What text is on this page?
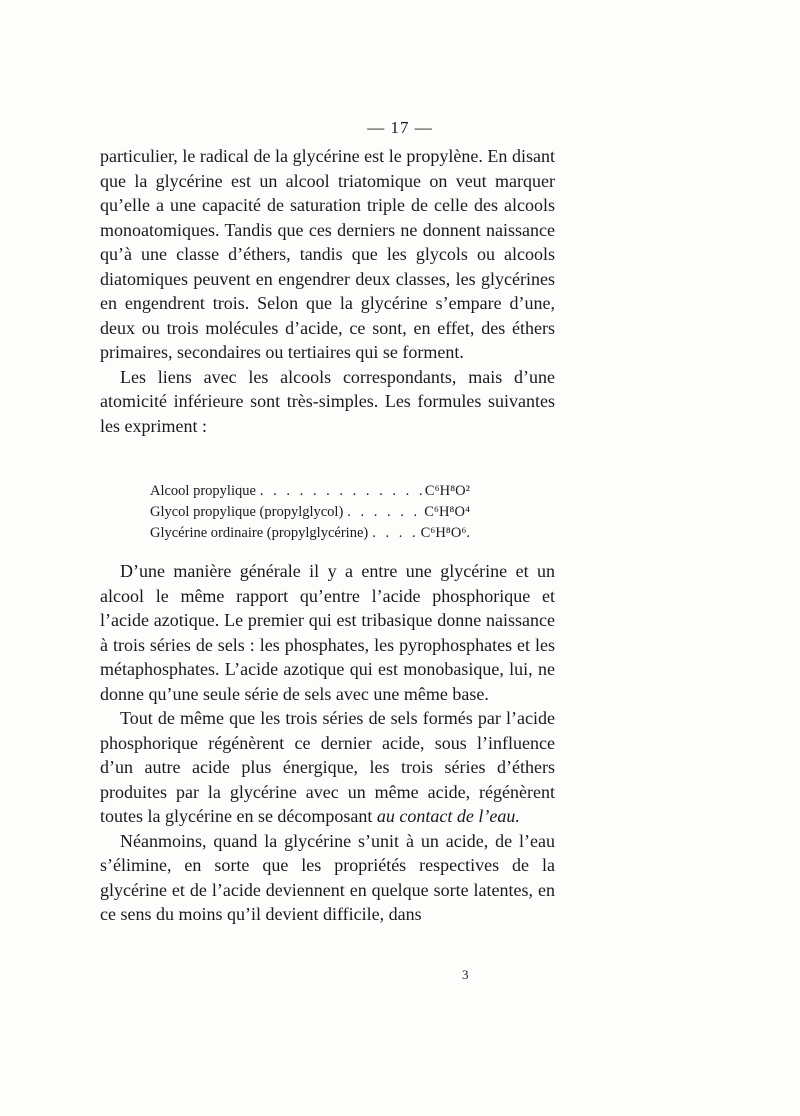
— 17 —

particulier, le radical de la glycérine est le propylène. En disant que la glycérine est un alcool triatomique on veut marquer qu’elle a une capacité de saturation triple de celle des alcools monoatomiques. Tandis que ces derniers ne donnent naissance qu’à une classe d’éthers, tandis que les glycols ou alcools diatomiques peuvent en engendrer deux classes, les glycérines en engendrent trois. Selon que la glycérine s’empare d’une, deux ou trois molécules d’acide, ce sont, en effet, des éthers primaires, secondaires ou tertiaires qui se forment.

Les liens avec les alcools correspondants, mais d’une atomicité inférieure sont très-simples. Les formules suivantes les expriment :

Alcool propylique . . .	C⁶H⁸O²
Glycol propylique (propylglycol) . . .	C⁶H⁸O⁴
Glycérine ordinaire (propylglycérine) . . .	C⁶H⁸O⁶.

D’une manière générale il y a entre une glycérine et un alcool le même rapport qu’entre l’acide phosphorique et l’acide azotique. Le premier qui est tribasique donne naissance à trois séries de sels : les phosphates, les pyrophosphates et les métaphosphates. L’acide azotique qui est monobasique, lui, ne donne qu’une seule série de sels avec une même base.

Tout de même que les trois séries de sels formés par l’acide phosphorique régénèrent ce dernier acide, sous l’influence d’un autre acide plus énergique, les trois séries d’éthers produites par la glycérine avec un même acide, régénèrent toutes la glycérine en se décomposant au contact de l’eau.

Néanmoins, quand la glycérine s’unit à un acide, de l’eau s’élimine, en sorte que les propriétés respectives de la glycérine et de l’acide deviennent en quelque sorte latentes, en ce sens du moins qu’il devient difficile, dans

3
